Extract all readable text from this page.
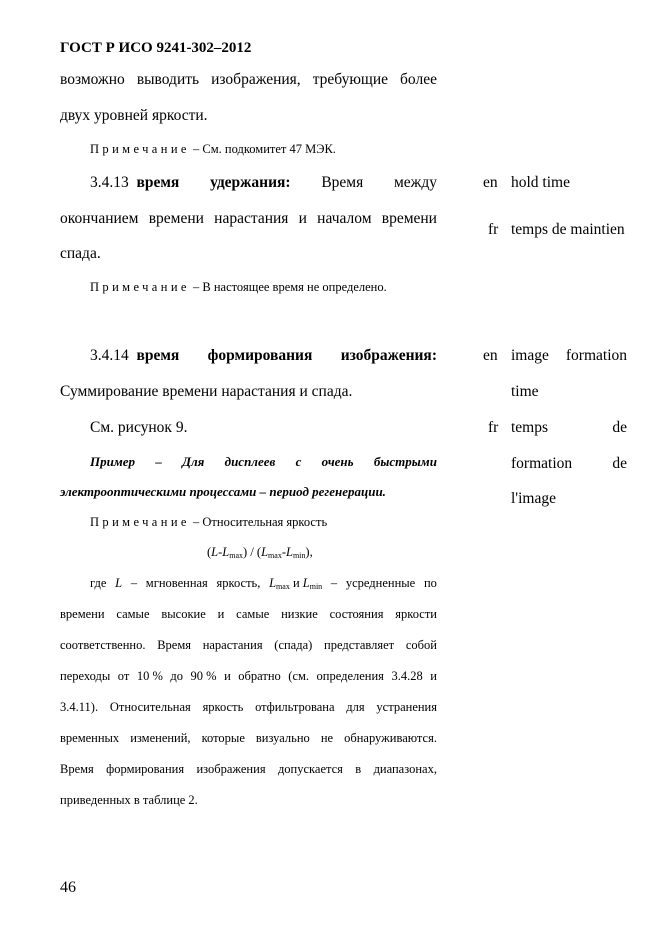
ГОСТ Р ИСО 9241-302–2012
возможно выводить изображения, требующие более
двух уровней яркости.
Примечание – См. подкомитет 47 МЭК.
3.4.13 время удержания: Время между
окончанием времени нарастания и началом времени
спада.
en hold time
fr temps de maintien
Примечание – В настоящее время не определено.
3.4.14 время формирования изображения:
Суммирование времени нарастания и спада.
См. рисунок 9.
en image formation
time
fr temps	de
formation	de
l'image
Пример – Для дисплеев с очень быстрыми
электрооптическими процессами – период регенерации.
Примечание – Относительная яркость
$(L-L_{max}) / (L_{max}-L_{min})$,
где L – мгновенная яркость, $L_{max}$ и $L_{min}$ – усредненные по
времени самые высокие и самые низкие состояния яркости
соответственно. Время нарастания (спада) представляет собой
переходы от 10 % до 90 % и обратно (см. определения 3.4.28 и
3.4.11). Относительная яркость отфильтрована для устранения
временных изменений, которые визуально не обнаруживаются.
Время формирования изображения допускается в диапазонах,
приведенных в таблице 2.
46
